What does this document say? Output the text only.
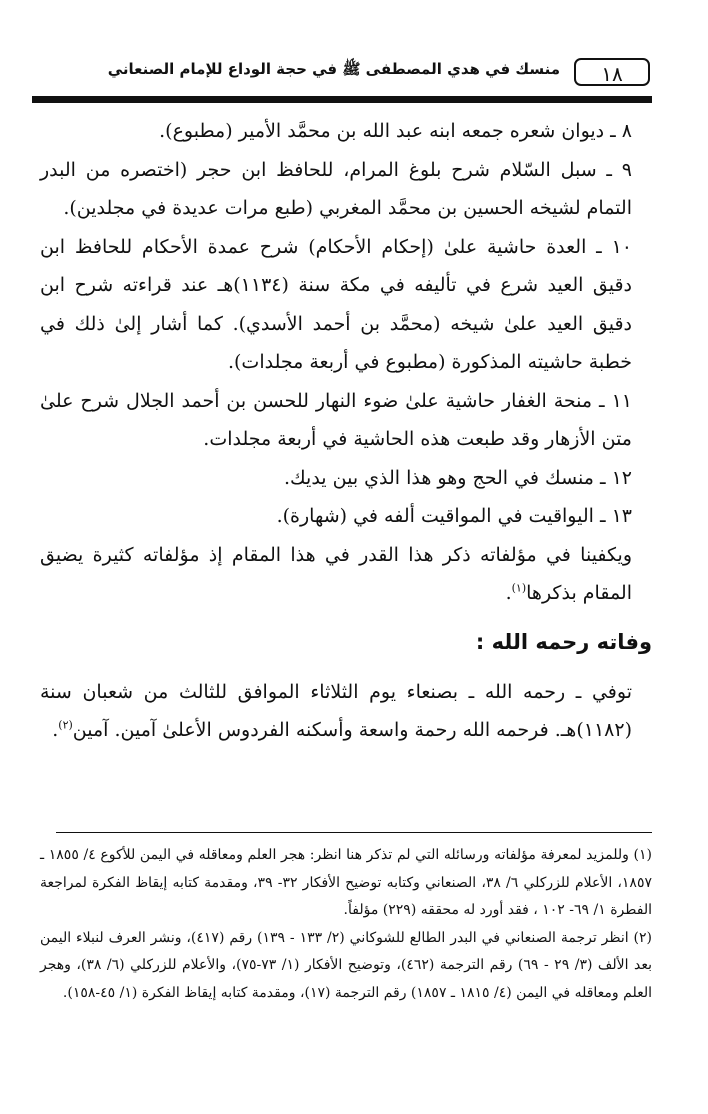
١٨
منسك في هدي المصطفى ﷺ في حجة الوداع للإمام الصنعاني

٨ ـ ديوان شعره جمعه ابنه عبد الله بن محمَّد الأمير (مطبوع).

٩ ـ سبل السّلام شرح بلوغ المرام، للحافظ ابن حجر (اختصره من البدر التمام لشيخه الحسين بن محمَّد المغربي (طبع مرات عديدة في مجلدين).

١٠ ـ العدة حاشية علىٰ (إحكام الأحكام) شرح عمدة الأحكام للحافظ ابن دقيق العيد شرع في تأليفه في مكة سنة (١١٣٤)هـ عند قراءته شرح ابن دقيق العيد علىٰ شيخه (محمَّد بن أحمد الأسدي). كما أشار إلىٰ ذلك في خطبة حاشيته المذكورة (مطبوع في أربعة مجلدات).

١١ ـ منحة الغفار حاشية علىٰ ضوء النهار للحسن بن أحمد الجلال شرح علىٰ متن الأزهار وقد طبعت هذه الحاشية في أربعة مجلدات.

١٢ ـ منسك في الحج وهو هذا الذي بين يديك.

١٣ ـ اليواقيت في المواقيت ألفه في (شهارة).

ويكفينا في مؤلفاته ذكر هذا القدر في هذا المقام إذ مؤلفاته كثيرة يضيق المقام بذكرها$^{(١)}$.

وفاته رحمه الله :

توفي ـ رحمه الله ـ بصنعاء يوم الثلاثاء الموافق للثالث من شعبان سنة (١١٨٢)هـ. فرحمه الله رحمة واسعة وأسكنه الفردوس الأعلىٰ آمين. آمين$^{(٢)}$.

(١) وللمزيد لمعرفة مؤلفاته ورسائله التي لم تذكر هنا انظر: هجر العلم ومعاقله في اليمن للأكوع ٤/ ١٨٥٥ ـ ١٨٥٧، الأعلام للزركلي ٦/ ٣٨، الصنعاني وكتابه توضيح الأفكار ٣٢- ٣٩، ومقدمة كتابه إيقاظ الفكرة لمراجعة الفطرة ١/ ٦٩- ١٠٢ ، فقد أورد له محققه (٢٢٩) مؤلفاً.

(٢) انظر ترجمة الصنعاني في البدر الطالع للشوكاني (٢/ ١٣٣ - ١٣٩) رقم (٤١٧)، ونشر العرف لنبلاء اليمن بعد الألف (٣/ ٢٩ - ٦٩) رقم الترجمة (٤٦٢)، وتوضيح الأفكار (١/ ٧٣-٧٥)، والأعلام للزركلي (٦/ ٣٨)، وهجر العلم ومعاقله في اليمن (٤/ ١٨١٥ ـ ١٨٥٧) رقم الترجمة (١٧)، ومقدمة كتابه إيقاظ الفكرة (١/ ٤٥-١٥٨).
